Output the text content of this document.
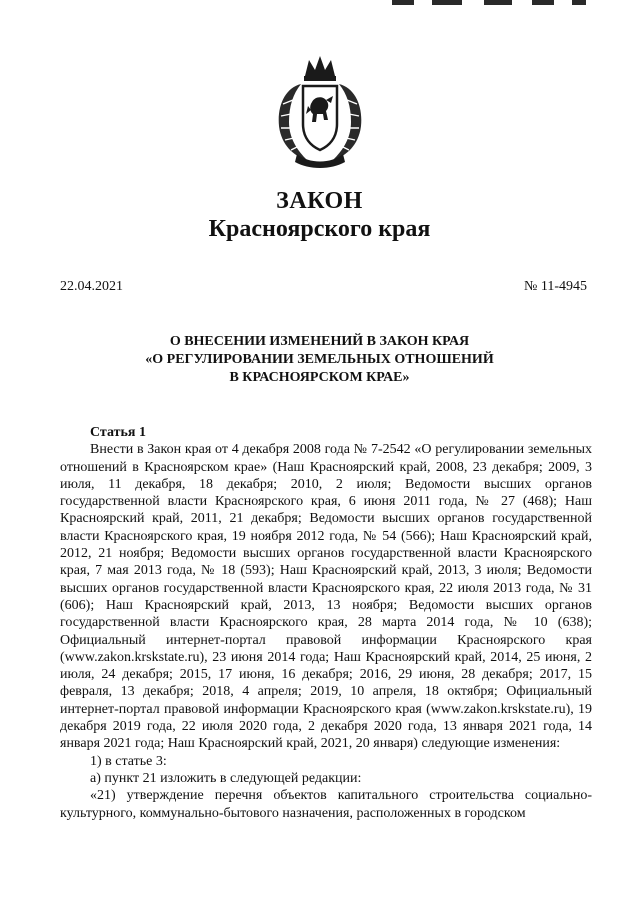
ЗАКОН
Красноярского края
22.04.2021	№ 11-4945
О ВНЕСЕНИИ ИЗМЕНЕНИЙ В ЗАКОН КРАЯ
«О РЕГУЛИРОВАНИИ ЗЕМЕЛЬНЫХ ОТНОШЕНИЙ
В КРАСНОЯРСКОМ КРАЕ»
Статья 1

Внести в Закон края от 4 декабря 2008 года № 7-2542 «О регулировании земельных отношений в Красноярском крае» (Наш Красноярский край, 2008, 23 декабря; 2009, 3 июля, 11 декабря, 18 декабря; 2010, 2 июля; Ведомости высших органов государственной власти Красноярского края, 6 июня 2011 года, № 27 (468); Наш Красноярский край, 2011, 21 декабря; Ведомости высших органов государственной власти Красноярского края, 19 ноября 2012 года, № 54 (566); Наш Красноярский край, 2012, 21 ноября; Ведомости высших органов государственной власти Красноярского края, 7 мая 2013 года, № 18 (593); Наш Красноярский край, 2013, 3 июля; Ведомости высших органов государственной власти Красноярского края, 22 июля 2013 года, № 31 (606); Наш Красноярский край, 2013, 13 ноября; Ведомости высших органов государственной власти Красноярского края, 28 марта 2014 года, № 10 (638); Официальный интернет-портал правовой информации Красноярского края (www.zakon.krskstate.ru), 23 июня 2014 года; Наш Красноярский край, 2014, 25 июня, 2 июля, 24 декабря; 2015, 17 июня, 16 декабря; 2016, 29 июня, 28 декабря; 2017, 15 февраля, 13 декабря; 2018, 4 апреля; 2019, 10 апреля, 18 октября; Официальный интернет-портал правовой информации Красноярского края (www.zakon.krskstate.ru), 19 декабря 2019 года, 22 июля 2020 года, 2 декабря 2020 года, 13 января 2021 года, 14 января 2021 года; Наш Красноярский край, 2021, 20 января) следующие изменения:

1) в статье 3:

а) пункт 21 изложить в следующей редакции:

«21) утверждение перечня объектов капитального строительства социально-культурного, коммунально-бытового назначения, расположенных в городском
